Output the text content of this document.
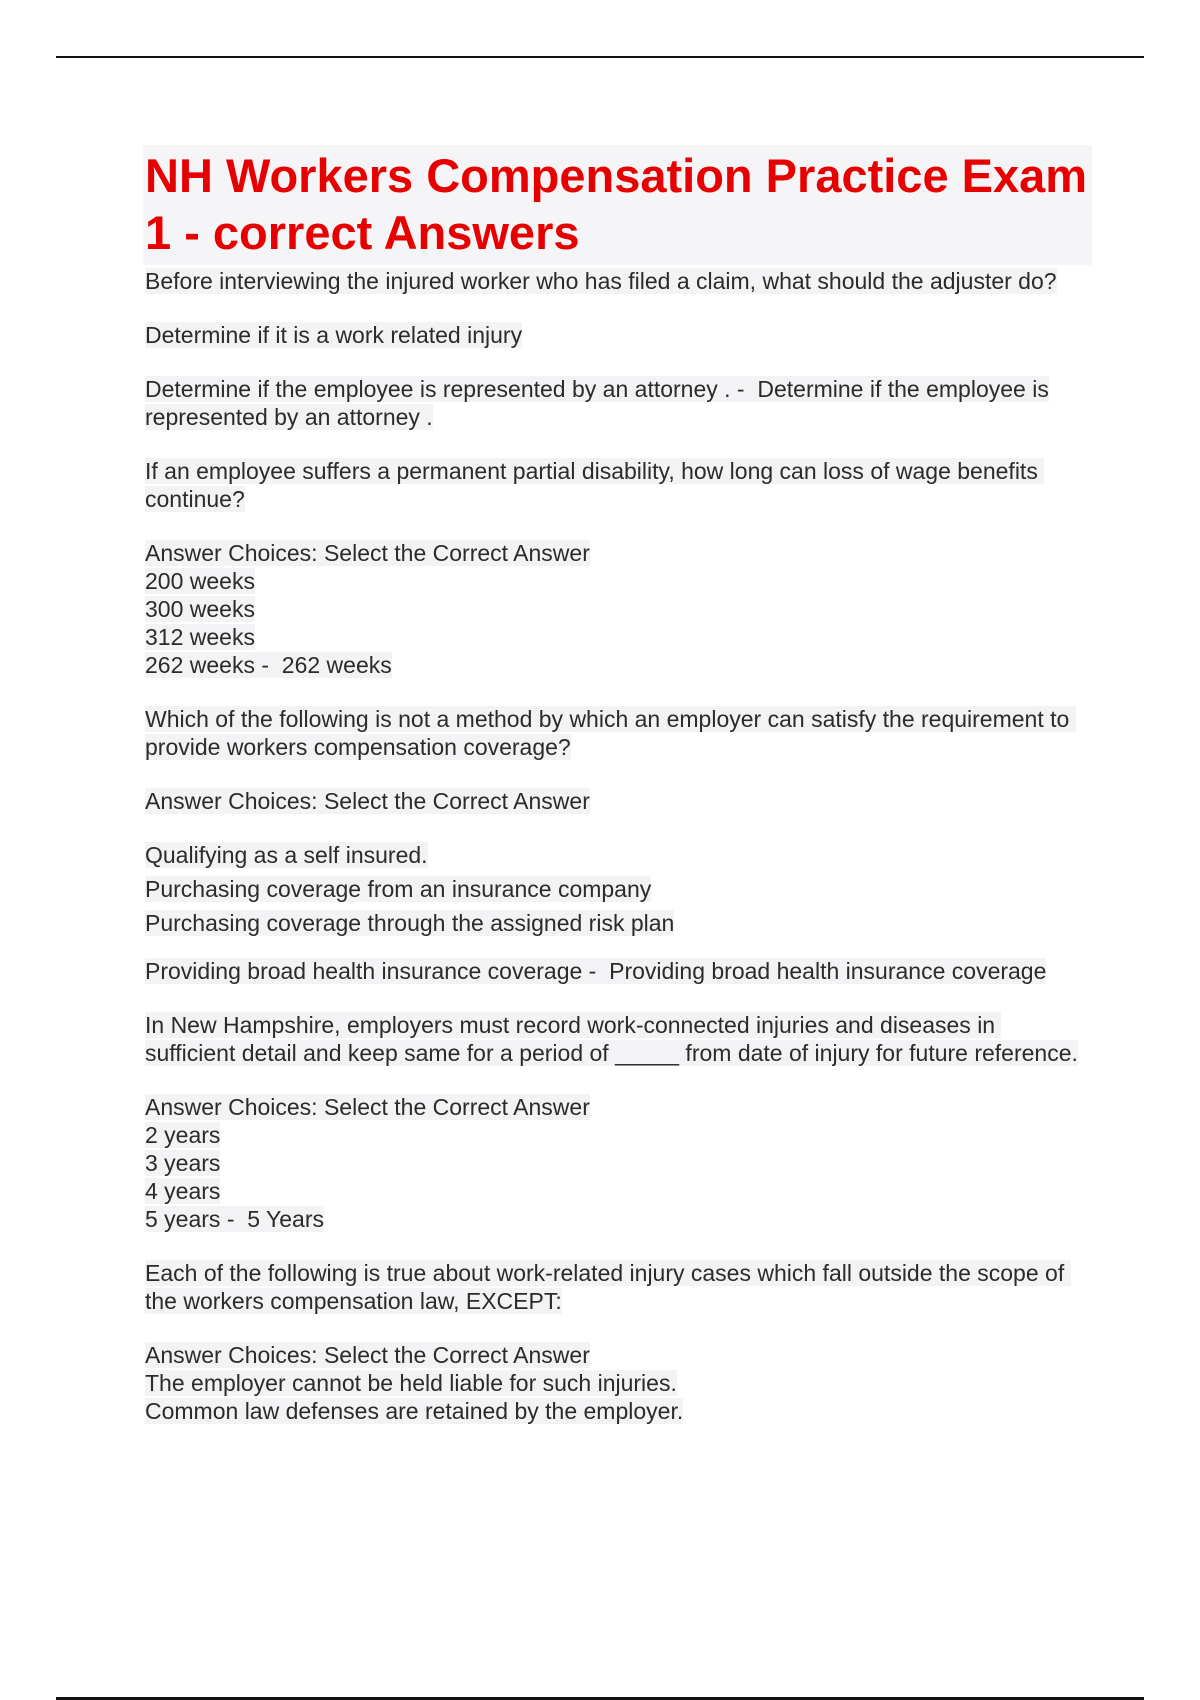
NH Workers Compensation Practice Exam 1 - correct Answers
Before interviewing the injured worker who has filed a claim, what should the adjuster do?
Determine if it is a work related injury
Determine if the employee is represented by an attorney . -  Determine if the employee is
represented by an attorney .
If an employee suffers a permanent partial disability, how long can loss of wage benefits continue?
Answer Choices: Select the Correct Answer
200 weeks
300 weeks
312 weeks
262 weeks -  262 weeks
Which of the following is not a method by which an employer can satisfy the requirement to provide workers compensation coverage?
Answer Choices: Select the Correct Answer
Qualifying as a self insured.
Purchasing coverage from an insurance company
Purchasing coverage through the assigned risk plan
Providing broad health insurance coverage -  Providing broad health insurance coverage
In New Hampshire, employers must record work-connected injuries and diseases in sufficient detail and keep same for a period of _____ from date of injury for future reference.
Answer Choices: Select the Correct Answer
2 years
3 years
4 years
5 years -  5 Years
Each of the following is true about work-related injury cases which fall outside the scope of the workers compensation law, EXCEPT:
Answer Choices: Select the Correct Answer
The employer cannot be held liable for such injuries.
Common law defenses are retained by the employer.
